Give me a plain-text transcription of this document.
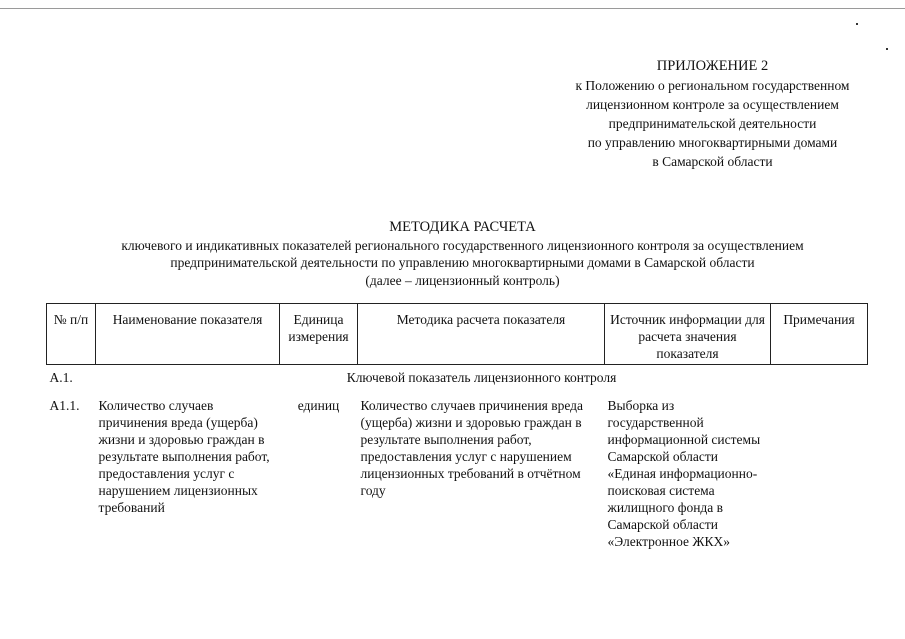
ПРИЛОЖЕНИЕ 2
к Положению о региональном государственном
лицензионном контроле за осуществлением
предпринимательской деятельности
по управлению многоквартирными домами
в Самарской области
МЕТОДИКА РАСЧЕТА
ключевого и индикативных показателей регионального государственного лицензионного контроля за осуществлением
предпринимательской деятельности по управлению многоквартирными домами в Самарской области
(далее – лицензионный контроль)
№ п/п	Наименование показателя	Единица измерения	Методика расчета показателя	Источник информации для расчета значения показателя	Примечания
A.1.	Ключевой показатель лицензионного контроля				
A1.1.	Количество случаев причинения вреда (ущерба) жизни и здоровью граждан в результате выполнения работ, предоставления услуг с нарушением лицензионных требований	единиц	Количество случаев причинения вреда (ущерба) жизни и здоровью граждан в результате выполнения работ, предоставления услуг с нарушением лицензионных требований в отчётном году	Выборка из государственной информационной системы Самарской области «Единая информационно-поисковая система жилищного фонда в Самарской области «Электронное ЖКХ»	
